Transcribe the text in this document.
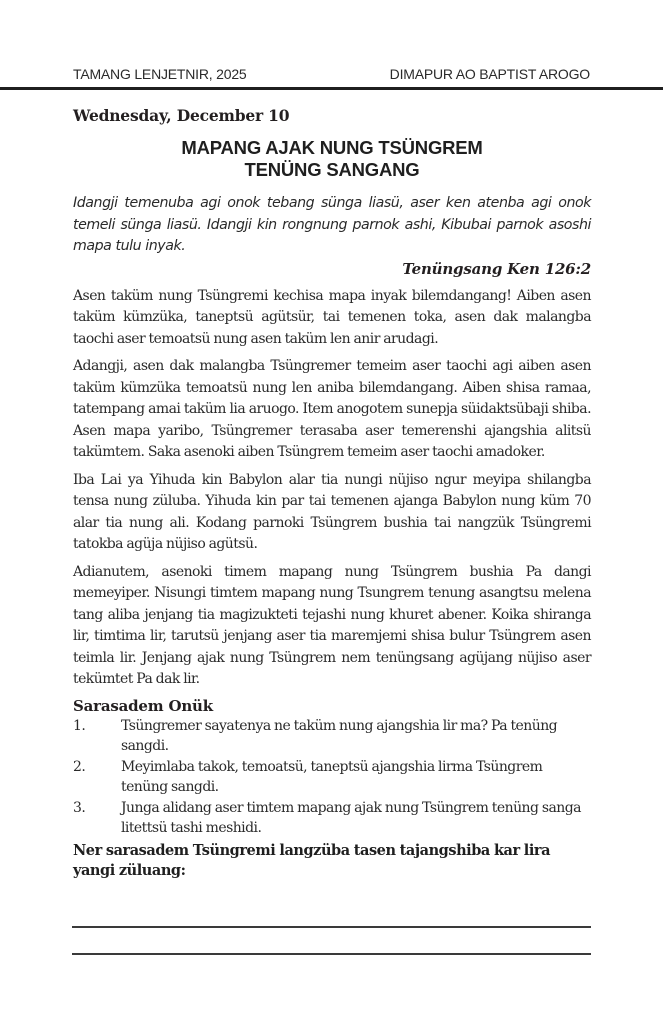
TAMANG LENJETNIR, 2025	DIMAPUR AO BAPTIST AROGO
Wednesday, December 10
MAPANG AJAK NUNG TSÜNGREM
TENÜNG SANGANG

Idangji temenuba agi onok tebang sünga liasü, aser ken atenba agi onok temeli sünga liasü. Idangji kin rongnung parnok ashi, Kibubai parnok asoshi mapa tulu inyak.

Tenüngsang Ken 126:2

Asen taküm nung Tsüngremi kechisa mapa inyak bilemdangang! Aiben asen taküm kümzüka, taneptsü agütsür, tai temenen toka, asen dak malangba taochi aser temoatsü nung asen taküm len anir arudagi.

Adangji, asen dak malangba Tsüngremer temeim aser taochi agi aiben asen taküm kümzüka temoatsü nung len aniba bilemdangang. Aiben shisa ramaa, tatempang amai taküm lia aruogo. Item anogotem sunepja süidaktsübaji shiba. Asen mapa yaribo, Tsüngremer terasaba aser temerenshi ajangshia alitsü takümtem. Saka asenoki aiben Tsüngrem temeim aser taochi amadoker.

Iba Lai ya Yihuda kin Babylon alar tia nungi nüjiso ngur meyipa shilangba tensa nung züluba. Yihuda kin par tai temenen ajanga Babylon nung küm 70 alar tia nung ali. Kodang parnoki Tsüngrem bushia tai nangzük Tsüngremi tatokba agüja nüjiso agütsü.

Adianutem, asenoki timem mapang nung Tsüngrem bushia Pa dangi memeyiper. Nisungi timtem mapang nung Tsungrem tenung asangtsu melena tang aliba jenjang tia magizukteti tejashi nung khuret abener. Koika shiranga lir, timtima lir, tarutsü jenjang aser tia maremjemi shisa bulur Tsüngrem asen teimla lir. Jenjang ajak nung Tsüngrem nem tenüngsang agüjang nüjiso aser tekümtet Pa dak lir.

Sarasadem Onük
1.	Tsüngremer sayatenya ne taküm nung ajangshia lir ma? Pa tenüng sangdi.
2.	Meyimlaba takok, temoatsü, taneptsü ajangshia lirma Tsüngrem tenüng sangdi.
3.	Junga alidang aser timtem mapang ajak nung Tsüngrem tenüng sanga litettsü tashi meshidi.

Ner sarasadem Tsüngremi langzüba tasen tajangshiba kar lira yangi züluang:
